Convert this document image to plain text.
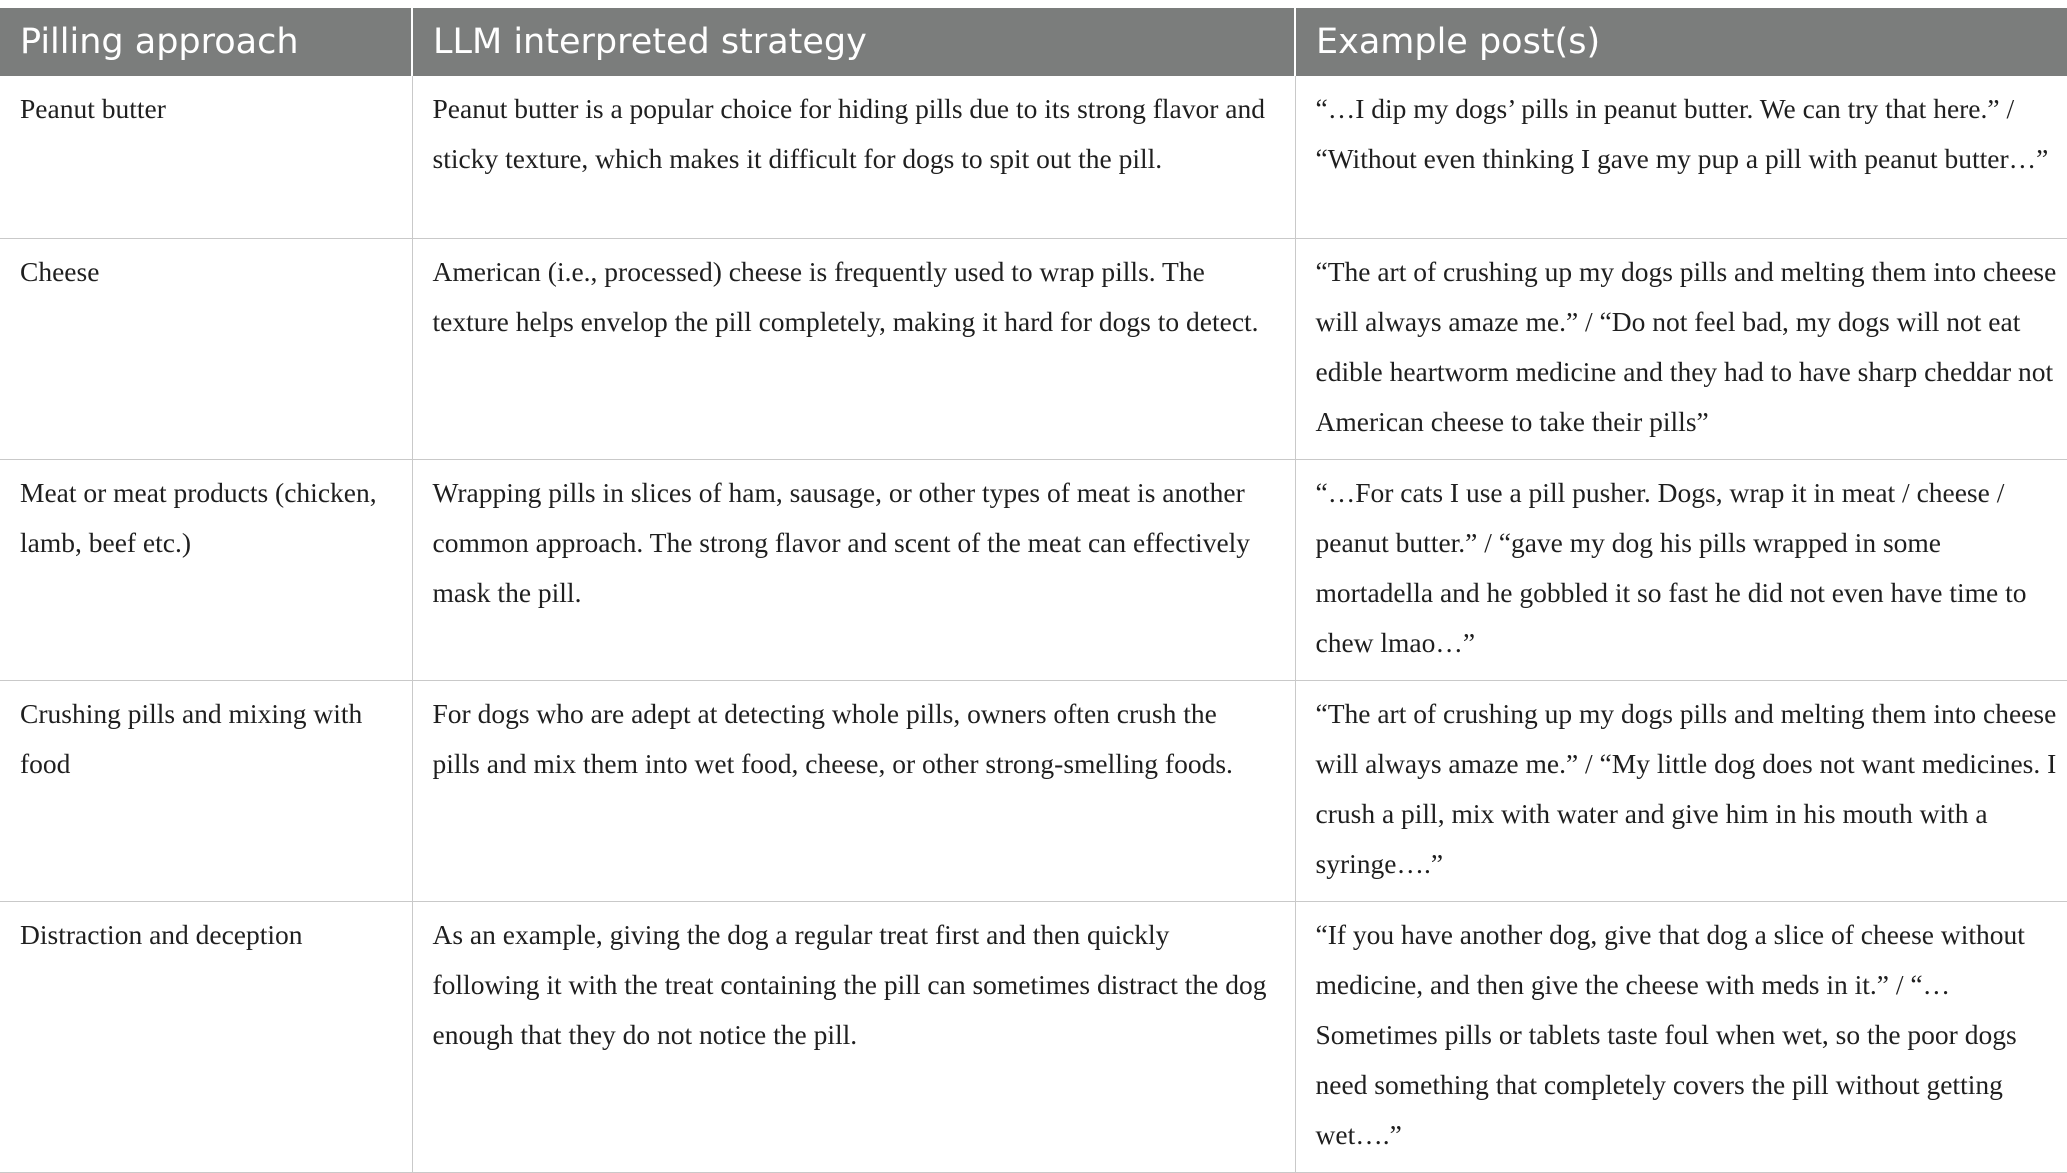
Pilling approach	LLM interpreted strategy	Example post(s)
Peanut butter	Peanut butter is a popular choice for hiding pills due to its strong flavor and sticky texture, which makes it difficult for dogs to spit out the pill.	“…I dip my dogs’ pills in peanut butter. We can try that here.” / “Without even thinking I gave my pup a pill with peanut butter…”
Cheese	American (i.e., processed) cheese is frequently used to wrap pills. The texture helps envelop the pill completely, making it hard for dogs to detect.	“The art of crushing up my dogs pills and melting them into cheese will always amaze me.” / “Do not feel bad, my dogs will not eat edible heartworm medicine and they had to have sharp cheddar not American cheese to take their pills”
Meat or meat products (chicken, lamb, beef etc.)	Wrapping pills in slices of ham, sausage, or other types of meat is another common approach. The strong flavor and scent of the meat can effectively mask the pill.	“…For cats I use a pill pusher. Dogs, wrap it in meat / cheese / peanut butter.” / “gave my dog his pills wrapped in some mortadella and he gobbled it so fast he did not even have time to chew lmao…”
Crushing pills and mixing with food	For dogs who are adept at detecting whole pills, owners often crush the pills and mix them into wet food, cheese, or other strong-smelling foods.	“The art of crushing up my dogs pills and melting them into cheese will always amaze me.” / “My little dog does not want medicines. I crush a pill, mix with water and give him in his mouth with a syringe….”
Distraction and deception	As an example, giving the dog a regular treat first and then quickly following it with the treat containing the pill can sometimes distract the dog enough that they do not notice the pill.	“If you have another dog, give that dog a slice of cheese without medicine, and then give the cheese with meds in it.” / “…Sometimes pills or tablets taste foul when wet, so the poor dogs need something that completely covers the pill without getting wet….”
